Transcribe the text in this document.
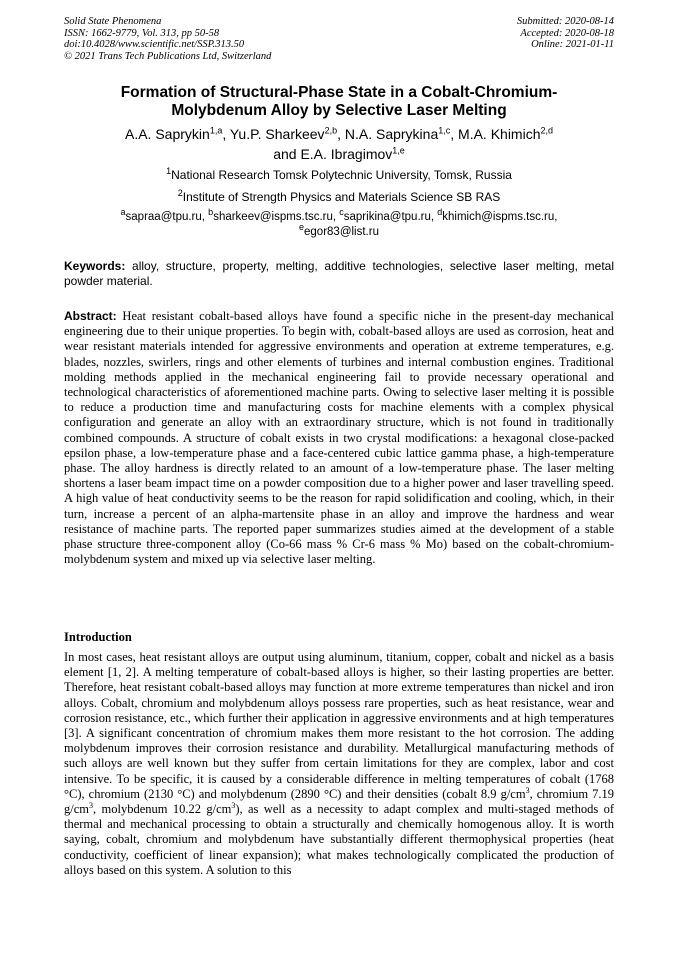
Solid State Phenomena
ISSN: 1662-9779, Vol. 313, pp 50-58
doi:10.4028/www.scientific.net/SSP.313.50
© 2021 Trans Tech Publications Ltd, Switzerland
Submitted: 2020-08-14
Accepted: 2020-08-18
Online: 2021-01-11
Formation of Structural-Phase State in a Cobalt-Chromium-
Molybdenum Alloy by Selective Laser Melting
A.A. Saprykin$^{1,a}$, Yu.P. Sharkeev$^{2,b}$, N.A. Saprykina$^{1,c}$, M.A. Khimich$^{2,d}$
and E.A. Ibragimov$^{1,e}$
$^1$National Research Tomsk Polytechnic University, Tomsk, Russia
$^2$Institute of Strength Physics and Materials Science SB RAS
$^a$sapraa@tpu.ru, $^b$sharkeev@ispms.tsc.ru, $^c$saprikina@tpu.ru, $^d$khimich@ispms.tsc.ru,
$^e$egor83@list.ru
Keywords: alloy, structure, property, melting, additive technologies, selective laser melting, metal powder material.
Abstract: Heat resistant cobalt-based alloys have found a specific niche in the present-day mechanical engineering due to their unique properties. To begin with, cobalt-based alloys are used as corrosion, heat and wear resistant materials intended for aggressive environments and operation at extreme temperatures, e.g. blades, nozzles, swirlers, rings and other elements of turbines and internal combustion engines. Traditional molding methods applied in the mechanical engineering fail to provide necessary operational and technological characteristics of aforementioned machine parts. Owing to selective laser melting it is possible to reduce a production time and manufacturing costs for machine elements with a complex physical configuration and generate an alloy with an extraordinary structure, which is not found in traditionally combined compounds. A structure of cobalt exists in two crystal modifications: a hexagonal close-packed epsilon phase, a low-temperature phase and a face-centered cubic lattice gamma phase, a high-temperature phase. The alloy hardness is directly related to an amount of a low-temperature phase. The laser melting shortens a laser beam impact time on a powder composition due to a higher power and laser travelling speed. A high value of heat conductivity seems to be the reason for rapid solidification and cooling, which, in their turn, increase a percent of an alpha-martensite phase in an alloy and improve the hardness and wear resistance of machine parts. The reported paper summarizes studies aimed at the development of a stable phase structure three-component alloy (Co-66 mass % Cr-6 mass % Mo) based on the cobalt-chromium-molybdenum system and mixed up via selective laser melting.
Introduction
In most cases, heat resistant alloys are output using aluminum, titanium, copper, cobalt and nickel as a basis element [1, 2]. A melting temperature of cobalt-based alloys is higher, so their lasting properties are better. Therefore, heat resistant cobalt-based alloys may function at more extreme temperatures than nickel and iron alloys. Cobalt, chromium and molybdenum alloys possess rare properties, such as heat resistance, wear and corrosion resistance, etc., which further their application in aggressive environments and at high temperatures [3]. A significant concentration of chromium makes them more resistant to the hot corrosion. The adding molybdenum improves their corrosion resistance and durability. Metallurgical manufacturing methods of such alloys are well known but they suffer from certain limitations for they are complex, labor and cost intensive. To be specific, it is caused by a considerable difference in melting temperatures of cobalt (1768 °C), chromium (2130 °C) and molybdenum (2890 °C) and their densities (cobalt 8.9 $g/cm^3$, chromium 7.19 $g/cm^3$, molybdenum 10.22 $g/cm^3$), as well as a necessity to adapt complex and multi-staged methods of thermal and mechanical processing to obtain a structurally and chemically homogenous alloy. It is worth saying, cobalt, chromium and molybdenum have substantially different thermophysical properties (heat conductivity, coefficient of linear expansion); what makes technologically complicated the production of alloys based on this system. A solution to this
